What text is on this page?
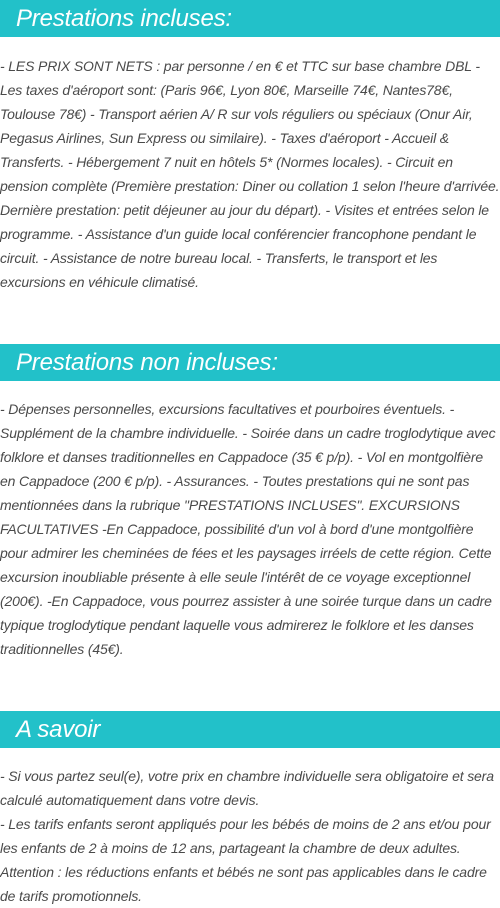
Prestations incluses:

- LES PRIX SONT NETS : par personne / en € et TTC sur base chambre DBL - Les taxes d'aéroport sont: (Paris 96€, Lyon 80€, Marseille 74€, Nantes78€, Toulouse 78€) - Transport aérien A/ R sur vols réguliers ou spéciaux (Onur Air, Pegasus Airlines, Sun Express ou similaire). - Taxes d'aéroport - Accueil & Transferts. - Hébergement 7 nuit en hôtels 5* (Normes locales). - Circuit en pension complète (Première prestation: Diner ou collation 1 selon l'heure d'arrivée. Dernière prestation: petit déjeuner au jour du départ). - Visites et entrées selon le programme. - Assistance d'un guide local conférencier francophone pendant le circuit. - Assistance de notre bureau local. - Transferts, le transport et les excursions en véhicule climatisé.

Prestations non incluses:

- Dépenses personnelles, excursions facultatives et pourboires éventuels. - Supplément de la chambre individuelle. - Soirée dans un cadre troglodytique avec folklore et danses traditionnelles en Cappadoce (35 € p/p). - Vol en montgolfière en Cappadoce (200 € p/p). - Assurances. - Toutes prestations qui ne sont pas mentionnées dans la rubrique "PRESTATIONS INCLUSES". EXCURSIONS FACULTATIVES -En Cappadoce, possibilité d'un vol à bord d'une montgolfière pour admirer les cheminées de fées et les paysages irréels de cette région. Cette excursion inoubliable présente à elle seule l'intérêt de ce voyage exceptionnel (200€). -En Cappadoce, vous pourrez assister à une soirée turque dans un cadre typique troglodytique pendant laquelle vous admirerez le folklore et les danses traditionnelles (45€).

A savoir

- Si vous partez seul(e), votre prix en chambre individuelle sera obligatoire et sera calculé automatiquement dans votre devis.

- Les tarifs enfants seront appliqués pour les bébés de moins de 2 ans et/ou pour les enfants de 2 à moins de 12 ans, partageant la chambre de deux adultes. Attention : les réductions enfants et bébés ne sont pas applicables dans le cadre de tarifs promotionnels.
